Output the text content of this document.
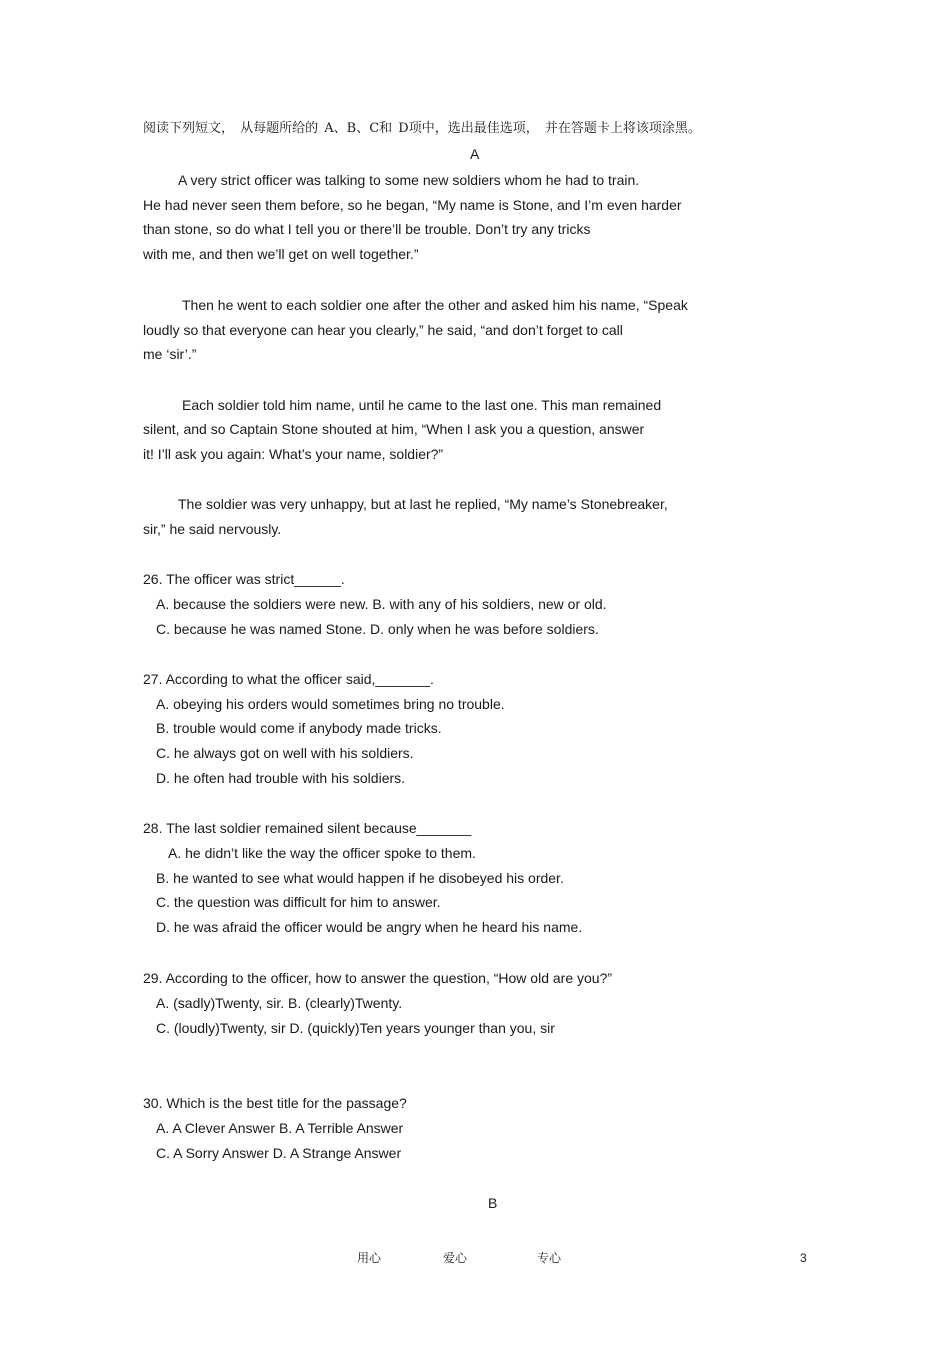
阅读下列短文， 从每题所给的 A、B、C和 D项中，选出最佳选项， 并在答题卡上将该项涂黑。
A
A very strict officer was talking to some new soldiers whom he had to train.
He had never seen them before, so he began, “My name is Stone, and I’m even harder
than stone, so do what I tell you or there’ll be trouble. Don’t try any tricks
with me, and then we’ll get on well together.”
Then he went to each soldier one after the other and asked him his name, “Speak
loudly so that everyone can hear you clearly,” he said, “and don’t forget to call
me ‘sir’.”
Each soldier told him name, until he came to the last one. This man remained
silent, and so Captain Stone shouted at him, “When I ask you a question, answer
it! I’ll ask you again: What’s your name, soldier?”
The soldier was very unhappy, but at last he replied, “My name’s Stonebreaker,
sir,” he said nervously.
26. The officer was strict______.
A. because the soldiers were new. B. with any of his soldiers, new or old.
C. because he was named Stone. D. only when he was before soldiers.
27. According to what the officer said,_______.
A. obeying his orders would sometimes bring no trouble.
B. trouble would come if anybody made tricks.
C. he always got on well with his soldiers.
D. he often had trouble with his soldiers.
28. The last soldier remained silent because_______
A. he didn’t like the way the officer spoke to them.
B. he wanted to see what would happen if he disobeyed his order.
C. the question was difficult for him to answer.
D. he was afraid the officer would be angry when he heard his name.
29. According to the officer, how to answer the question, “How old are you?”
A. (sadly)Twenty, sir. B. (clearly)Twenty.
C. (loudly)Twenty, sir D. (quickly)Ten years younger than you, sir
30. Which is the best title for the passage?
A. A Clever Answer B. A Terrible Answer
C. A Sorry Answer D. A Strange Answer
B
用心	爱心	专心	3
